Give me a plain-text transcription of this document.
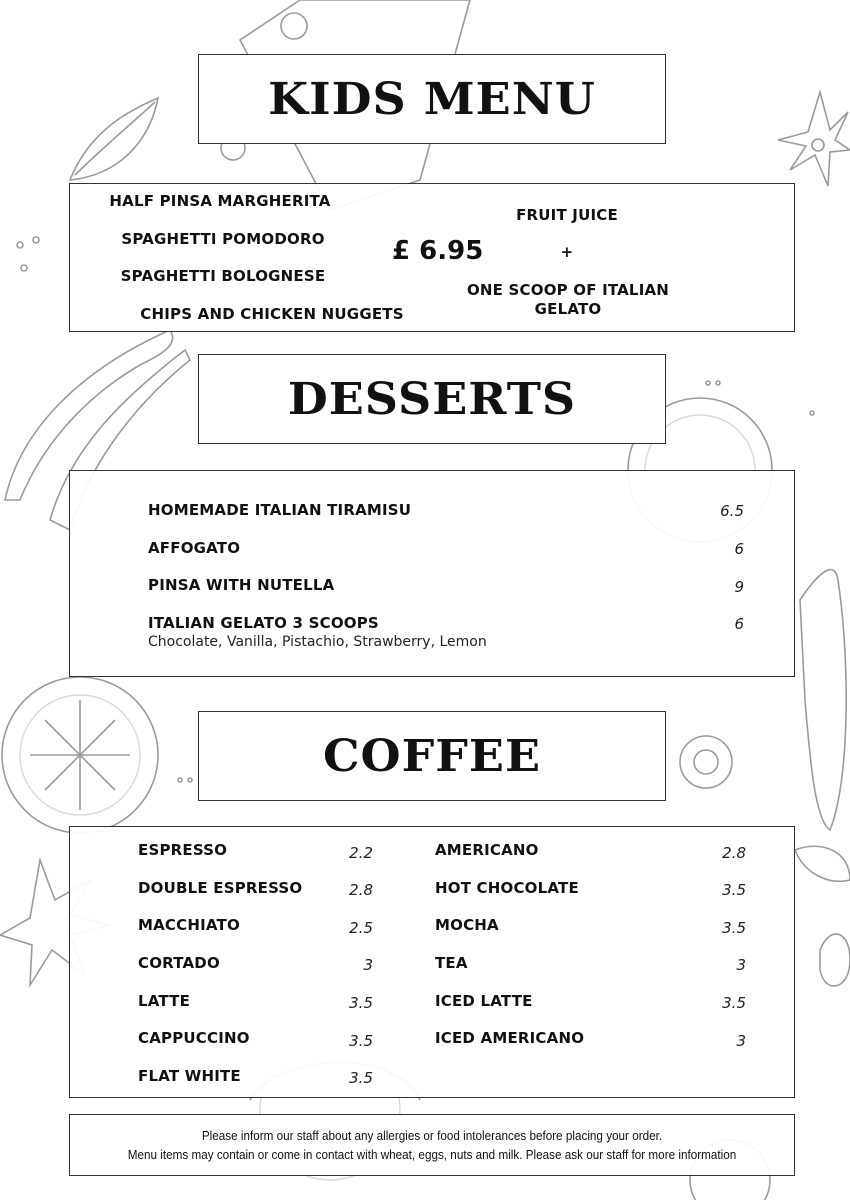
KIDS MENU
HALF PINSA MARGHERITA
SPAGHETTI POMODORO
SPAGHETTI BOLOGNESE
CHIPS AND CHICKEN NUGGETS
£ 6.95
FRUIT JUICE
+
ONE SCOOP OF ITALIAN GELATO
DESSERTS
HOMEMADE ITALIAN TIRAMISU	6.5
AFFOGATO	6
PINSA WITH NUTELLA	9
ITALIAN GELATO 3 SCOOPS	6
Chocolate, Vanilla, Pistachio, Strawberry, Lemon
COFFEE
ESPRESSO	2.2
DOUBLE ESPRESSO	2.8
MACCHIATO	2.5
CORTADO	3
LATTE	3.5
CAPPUCCINO	3.5
FLAT WHITE	3.5
AMERICANO	2.8
HOT CHOCOLATE	3.5
MOCHA	3.5
TEA	3
ICED LATTE	3.5
ICED AMERICANO	3
Please inform our staff about any allergies or food intolerances before placing your order.
Menu items may contain or come in contact with wheat, eggs, nuts and milk. Please ask our staff for more information
